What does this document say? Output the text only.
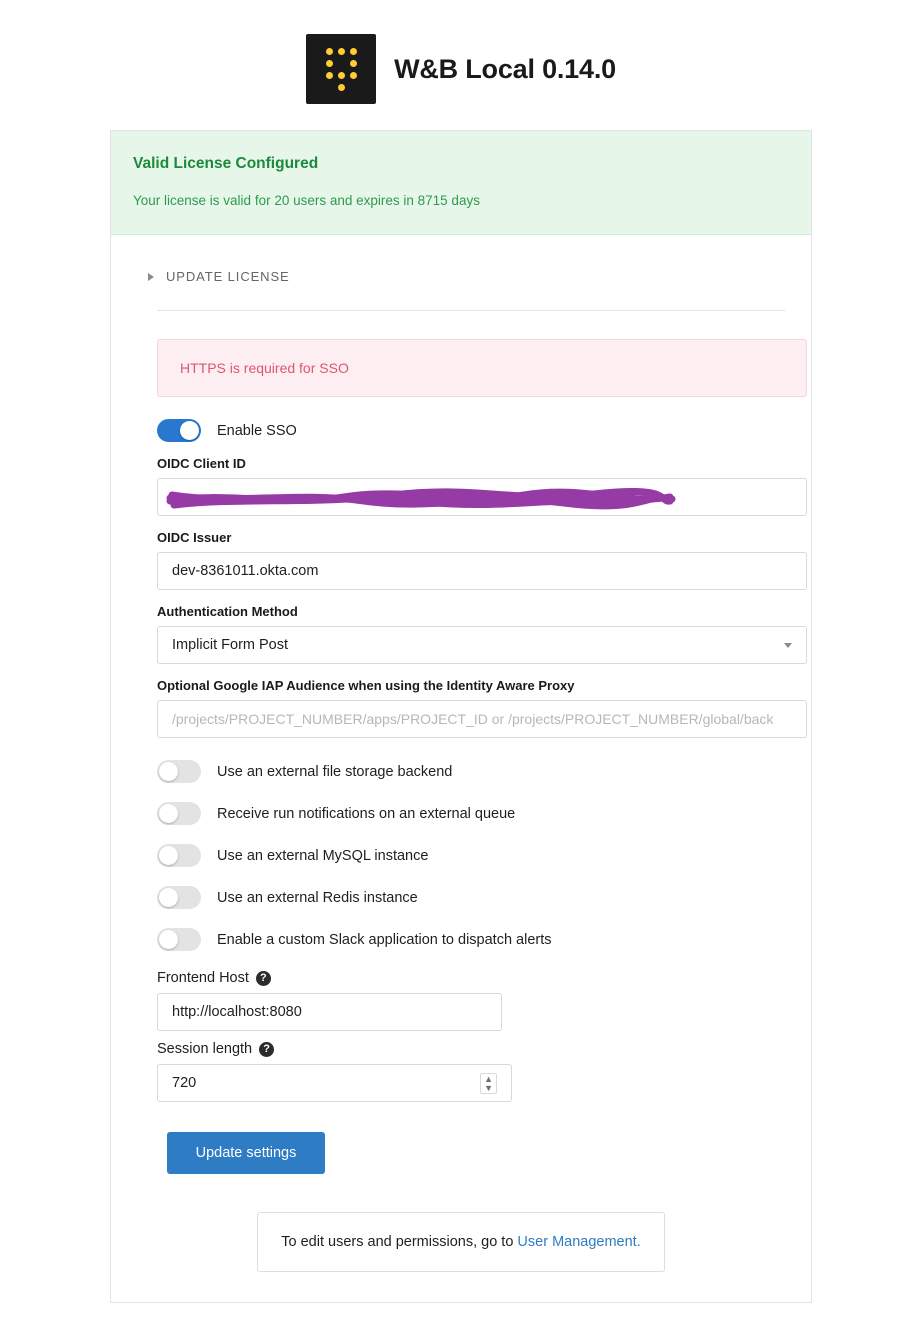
W&B Local 0.14.0
Valid License Configured
Your license is valid for 20 users and expires in 8715 days
UPDATE LICENSE
HTTPS is required for SSO
Enable SSO
OIDC Client ID
OIDC Issuer
dev-8361011.okta.com
Authentication Method
Implicit Form Post
Optional Google IAP Audience when using the Identity Aware Proxy
/projects/PROJECT_NUMBER/apps/PROJECT_ID or /projects/PROJECT_NUMBER/global/back
Use an external file storage backend
Receive run notifications on an external queue
Use an external MySQL instance
Use an external Redis instance
Enable a custom Slack application to dispatch alerts
Frontend Host	?
http://localhost:8080
Session length	?
720	▲
▼
Update settings
To edit users and permissions, go to User Management.
